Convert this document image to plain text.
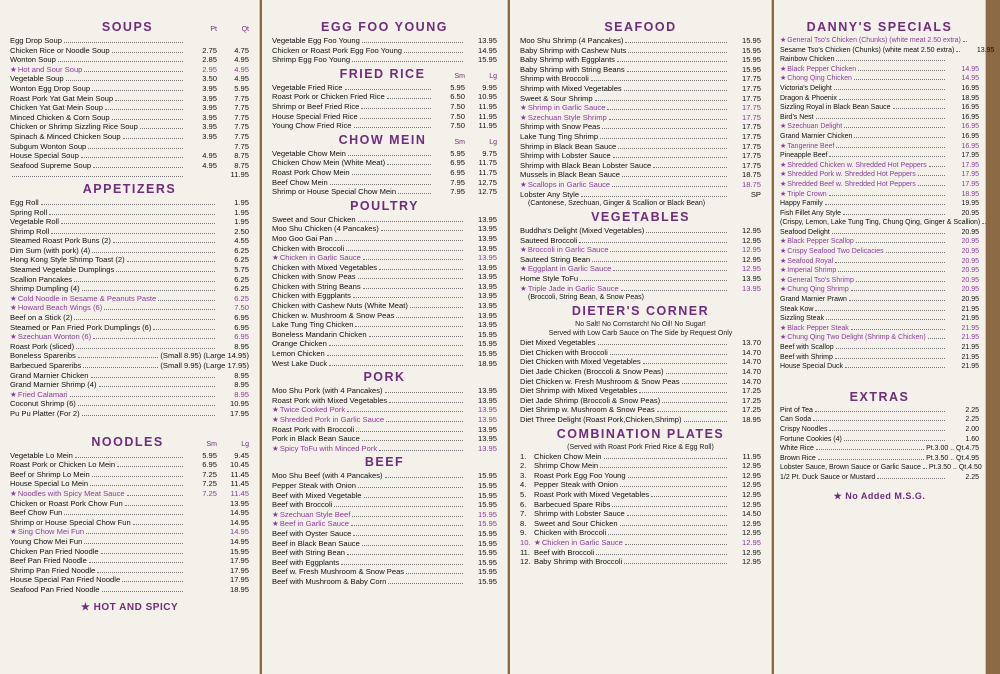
SOUPS	Pt	Qt
Egg Drop Soup
Chicken Rice or Noodle Soup	2.75	4.75
Wonton Soup	2.85	4.95
★ Hot and Sour Soup	2.95	4.95
Vegetable Soup	3.50	4.95
Wonton Egg Drop Soup	3.95	5.95
Roast Pork Yat Gat Mein Soup	3.95	7.75
Chicken Yat Gat Mein Soup	3.95	7.75
Minced Chicken & Corn Soup	3.95	7.75
Chicken or Shrimp Sizzling Rice Soup	3.95	7.75
Spinach & Minced Chicken Soup	3.95	7.75
Subgum Wonton Soup	7.75
House Special Soup	4.95	8.75
Seafood Supreme Soup	4.95	8.75
11.95
APPETIZERS
Egg Roll	1.95
Spring Roll	1.95
Vegetable Roll	1.95
Shrimp Roll	2.50
Steamed Roast Pork Buns (2)	4.55
Dim Sum (with pork) (4)	6.25
Hong Kong Style Shrimp Toast (2)	6.25
Steamed Vegetable Dumplings	5.75
Scallion Pancakes	6.25
Shrimp Dumpling (4)	6.25
★ Cold Noodle in Sesame & Peanuts Paste	6.25
★ Howard Beach Wings (6)	7.50
Beef on a Stick (2)	6.95
Steamed or Pan Fried Pork Dumplings (6)	6.95
★ Szechuan Wonton (6)	6.95
Roast Pork (sliced)	8.95
Boneless Spareribs	(Small 8.95) (Large 14.95)
Barbecued Spareribs	(Small 9.95) (Large 17.95)
Grand Marnier Chicken	8.95
Grand Marnier Shrimp (4)	8.95
★ Fried Calamari	8.95
Coconut Shrimp (6)	10.95
Pu Pu Platter (For 2)	17.95
NOODLES	Sm	Lg
Vegetable Lo Mein	5.95	9.45
Roast Pork or Chicken Lo Mein	6.95	10.45
Beef or Shrimp Lo Mein	7.25	11.45
House Special Lo Mein	7.25	11.45
★ Noodles with Spicy Meat Sauce	7.25	11.45
Chicken or Roast Pork Chow Fun	13.95
Beef Chow Fun	14.95
Shrimp or House Special Chow Fun	14.95
★ Sing Chow Mei Fun	14.95
Young Chow Mei Fun	14.95
Chicken Pan Fried Noodle	15.95
Beef Pan Fried Noodle	17.95
Shrimp Pan Fried Noodle	17.95
House Special Pan Fried Noodle	17.95
Seafood Pan Fried Noodle	18.95
★ HOT AND SPICY
EGG FOO YOUNG
Vegetable Egg Foo Young	13.95
Chicken or Roast Pork Egg Foo Young	14.95
Shrimp Egg Foo Young	15.95
FRIED RICE	Sm	Lg
Vegetable Fried Rice	5.95	9.95
Roast Pork or Chicken Fried Rice	6.50	10.95
Shrimp or Beef Fried Rice	7.50	11.95
House Special Fried Rice	7.50	11.95
Young Chow Fried Rice	7.50	11.95
CHOW MEIN	Sm	Lg
Vegetable Chow Mein	5.95	9.75
Chicken Chow Mein (White Meat)	6.95	11.75
Roast Pork Chow Mein	6.95	11.75
Beef Chow Mein	7.95	12.75
Shrimp or House Special Chow Mein	7.95	12.75
POULTRY
Sweet and Sour Chicken	13.95
Moo Shu Chicken (4 Pancakes)	13.95
Moo Goo Gai Pan	13.95
Chicken with Broccoli	13.95
★ Chicken in Garlic Sauce	13.95
Chicken with Mixed Vegetables	13.95
Chicken with Snow Peas	13.95
Chicken with String Beans	13.95
Chicken with Eggplants	13.95
Chicken with Cashew Nuts (White Meat)	13.95
Chicken w. Mushroom & Snow Peas	13.95
Lake Tung Ting Chicken	13.95
Boneless Mandarin Chicken	15.95
Orange Chicken	15.95
Lemon Chicken	15.95
West Lake Duck	18.95
PORK
Moo Shu Pork (with 4 Pancakes)	13.95
Roast Pork with Mixed Vegetables	13.95
★ Twice Cooked Pork	13.95
★ Shredded Pork in Garlic Sauce	13.95
Roast Pork with Broccoli	13.95
Pork in Black Bean Sauce	13.95
★ Spicy ToFu with Minced Pork	13.95
BEEF
Moo Shu Beef (with 4 Pancakes)	15.95
Pepper Steak with Onion	15.95
Beef with Mixed Vegetable	15.95
Beef with Broccoli	15.95
★ Szechuan Style Beef	15.95
★ Beef in Garlic Sauce	15.95
Beef with Oyster Sauce	15.95
Beef in Black Bean Sauce	15.95
Beef with String Bean	15.95
Beef with Eggplants	15.95
Beef w. Fresh Mushroom & Snow Peas	15.95
Beef with Mushroom & Baby Corn	15.95
SEAFOOD
Moo Shu Shrimp (4 Pancakes)	15.95
Baby Shrimp with Cashew Nuts	15.95
Baby Shrimp with Eggplants	15.95
Baby Shrimp with String Beans	15.95
Shrimp with Broccoli	17.75
Shrimp with Mixed Vegetables	17.75
Sweet & Sour Shrimp	17.75
★ Shrimp in Garlic Sauce	17.75
★ Szechuan Style Shrimp	17.75
Shrimp with Snow Peas	17.75
Lake Tung Ting Shrimp	17.75
Shrimp in Black Bean Sauce	17.75
Shrimp with Lobster Sauce	17.75
Shrimp with Black Bean Lobster Sauce	17.75
Mussels in Black Bean Sauce	18.75
★ Scallops in Garlic Sauce	18.75
Lobster Any Style	SP
(Cantonese, Szechuan, Ginger & Scallion or Black Bean)
VEGETABLES
Buddha's Delight (Mixed Vegetables)	12.95
Sauteed Broccoli	12.95
★ Broccoli in Garlic Sauce	12.95
Sauteed String Bean	12.95
★ Eggplant in Garlic Sauce	12.95
Home Style ToFu	13.95
★ Triple Jade in Garlic Sauce	13.95
(Broccoli, String Bean, & Snow Peas)
DIETER'S CORNER
No Salt! No Cornstarch! No Oil! No Sugar!
Served with Low Carb Sauce on The Side by Request Only
Diet Mixed Vegetables	13.70
Diet Chicken with Broccoli	14.70
Diet Chicken with Mixed Vegetables	14.70
Diet Jade Chicken (Broccoli & Snow Peas)	14.70
Diet Chicken w. Fresh Mushroom & Snow Peas	14.70
Diet Shrimp with Mixed Vegetables	17.25
Diet Jade Shrimp (Broccoli & Snow Peas)	17.25
Diet Shrimp w. Mushroom & Snow Peas	17.25
Diet Three Delight (Roast Pork,Chicken,Shrimp)	18.95
COMBINATION PLATES
(Served with Roast Pork Fried Rice & Egg Roll)
1.	Chicken Chow Mein	11.95
2.	Shrimp Chow Mein	12.95
3.	Roast Pork Egg Foo Young	12.95
4.	Pepper Steak with Onion	12.95
5.	Roast Pork with Mixed Vegetables	12.95
6.	Barbecued Spare Ribs	12.95
7.	Shrimp with Lobster Sauce	14.50
8.	Sweet and Sour Chicken	12.95
9.	Chicken with Broccoli	12.95
10.
★	Chicken in Garlic Sauce	12.95
11. Beef with Broccoli	12.95
12. Baby Shrimp with Broccoli	12.95
DANNY'S SPECIALS
★ General Tso's Chicken (Chunks) (white meat 2.50 extra)
Sesame Tso's Chicken (Chunks) (white meat 2.50 extra)	13.95
Rainbow Chicken
★ Black Pepper Chicken	14.95
★ Chong Qing Chicken	14.95
Victoria's Delight	16.95
Dragon & Phoenix	18.95
Sizzling Royal in Black Bean Sauce	16.95
Bird's Nest	16.95
★ Szechuan Delight	16.95
Grand Marnier Chicken	16.95
★ Tangerine Beef	16.95
Pineapple Beef	17.95
★ Shredded Chicken w. Shredded Hot Peppers	17.95
★ Shredded Pork w. Shredded Hot Peppers	17.95
★ Shredded Beef w. Shredded Hot Peppers	17.95
★ Triple Crown	18.95
Happy Family	19.95
Fish Fillet Any Style	20.95
(Crispy, Lemon, Lake Tung Ting, Chung Qing, Ginger & Scallion)
Seafood Delight	20.95
★ Black Pepper Scallop	20.95
★ Crispy Seafood Two Delicacies	20.95
★ Seafood Royal	20.95
★ Imperial Shrimp	20.95
★ General Tso's Shrimp	20.95
★ Chung Qing Shrimp	20.95
Grand Marnier Prawn	20.95
Steak Kow	21.95
Sizzling Steak	21.95
★ Black Pepper Steak	21.95
★ Chung Qing Two Delight (Shrimp & Chicken)	21.95
Beef with Scallop	21.95
Beef with Shrimp	21.95
House Special Duck	21.95
EXTRAS
Pint of Tea	2.25
Can Soda	2.25
Crispy Noodles	2.00
Fortune Cookies (4)	1.60
White Rice	Pt.3.00 .. Qt.4.75
Brown Rice	Pt.3.50 .. Qt.4.95
Lobster Sauce, Brown Sauce or Garlic Sauce Pt.3.50 .. Qt.4.50
1/2 Pt. Duck Sauce or Mustard	2.25
★ No Added M.S.G.
